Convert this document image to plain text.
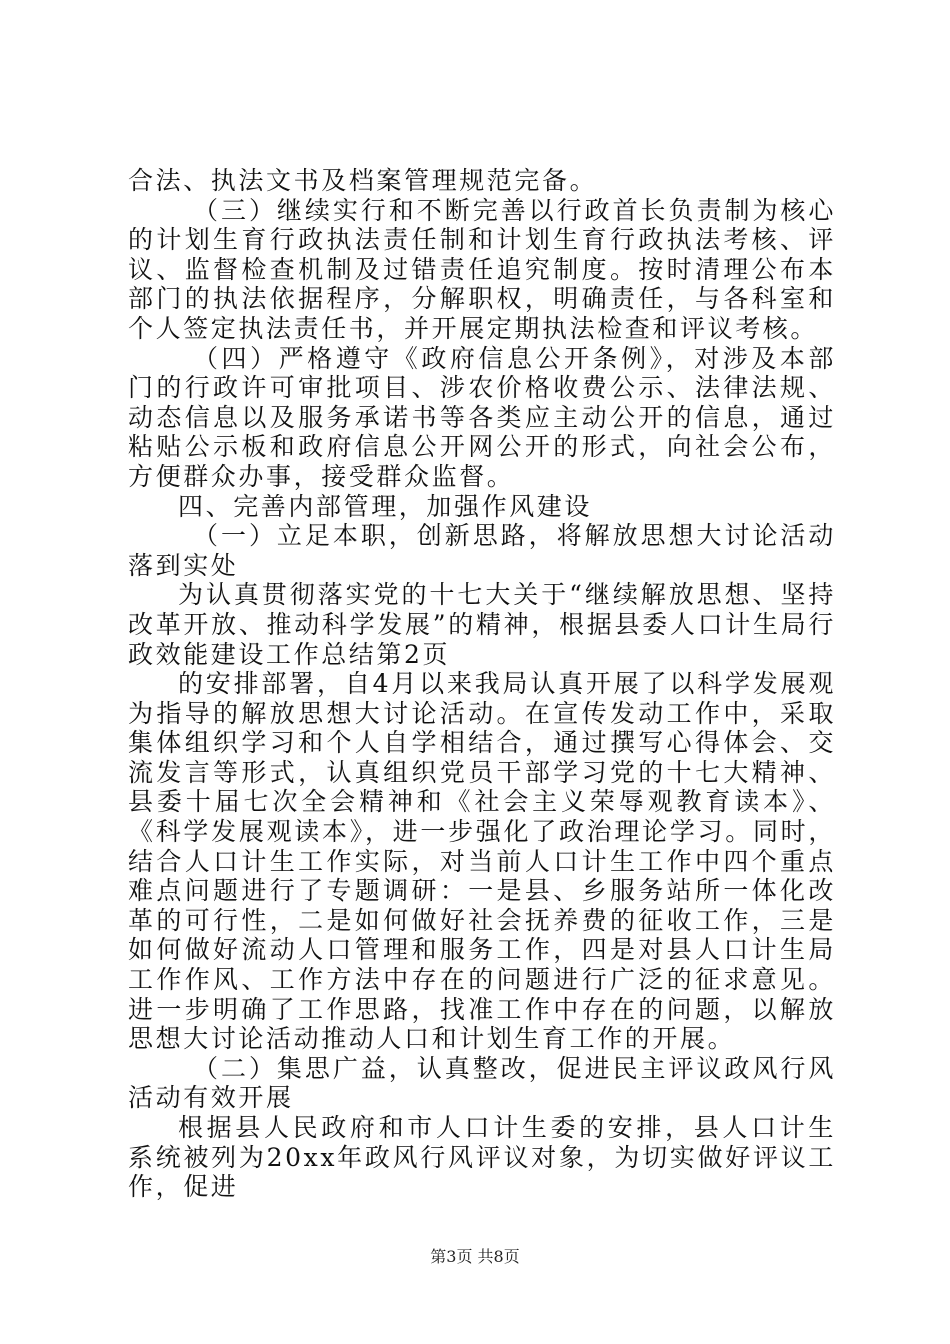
合法、执法文书及档案管理规范完备。

（三）继续实行和不断完善以行政首长负责制为核心的计划生育行政执法责任制和计划生育行政执法考核、评议、监督检查机制及过错责任追究制度。按时清理公布本部门的执法依据程序，分解职权，明确责任，与各科室和个人签定执法责任书，并开展定期执法检查和评议考核。

（四）严格遵守《政府信息公开条例》，对涉及本部门的行政许可审批项目、涉农价格收费公示、法律法规、动态信息以及服务承诺书等各类应主动公开的信息，通过粘贴公示板和政府信息公开网公开的形式，向社会公布，方便群众办事，接受群众监督。

四、完善内部管理，加强作风建设

（一）立足本职，创新思路，将解放思想大讨论活动落到实处

为认真贯彻落实党的十七大关于“继续解放思想、坚持改革开放、推动科学发展”的精神，根据县委人口计生局行政效能建设工作总结第2页

的安排部署，自4月以来我局认真开展了以科学发展观为指导的解放思想大讨论活动。在宣传发动工作中，采取集体组织学习和个人自学相结合，通过撰写心得体会、交流发言等形式，认真组织党员干部学习党的十七大精神、县委十届七次全会精神和《社会主义荣辱观教育读本》、《科学发展观读本》，进一步强化了政治理论学习。同时，结合人口计生工作实际，对当前人口计生工作中四个重点难点问题进行了专题调研：一是县、乡服务站所一体化改革的可行性，二是如何做好社会抚养费的征收工作，三是如何做好流动人口管理和服务工作，四是对县人口计生局工作作风、工作方法中存在的问题进行广泛的征求意见。进一步明确了工作思路，找准工作中存在的问题，以解放思想大讨论活动推动人口和计划生育工作的开展。

（二）集思广益，认真整改，促进民主评议政风行风活动有效开展

根据县人民政府和市人口计生委的安排，县人口计生系统被列为20xx年政风行风评议对象，为切实做好评议工作，促进

第3页 共8页
